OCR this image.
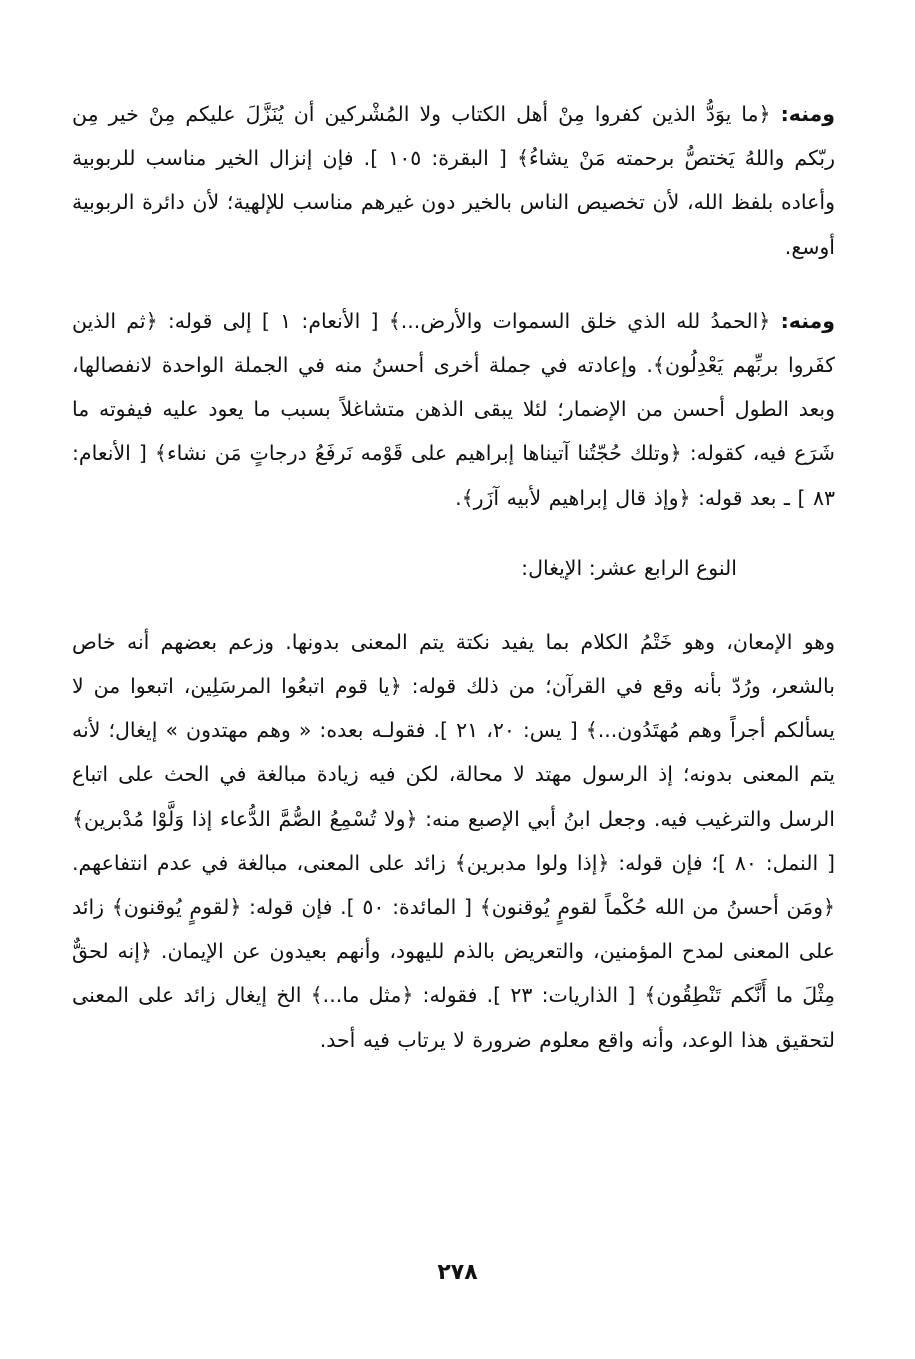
ومنه: ﴿ما يوَدُّ الذين كفروا مِنْ أهل الكتاب ولا المُشْركين أن يُنَزَّلَ عليكم مِنْ خير مِن ربّكم واللهُ يَختصُّ برحمته مَنْ يشاءُ﴾ [ البقرة: ١٠٥ ]. فإن إنزال الخير مناسب للربوبية وأعاده بلفظ الله، لأن تخصيص الناس بالخير دون غيرهم مناسب للإلهية؛ لأن دائرة الربوبية أوسع.

ومنه: ﴿الحمدُ لله الذي خلق السموات والأرض...﴾ [ الأنعام: ١ ] إلى قوله: ﴿ثم الذين كفَروا بربِّهم يَعْدِلُون﴾. وإعادته في جملة أخرى أحسنُ منه في الجملة الواحدة لانفصالها، وبعد الطول أحسن من الإضمار؛ لئلا يبقى الذهن متشاغلاً بسبب ما يعود عليه فيفوته ما شَرَع فيه، كقوله: ﴿وتلك حُجّتُنا آتيناها إبراهيم على قَوْمه نَرفَعُ درجاتٍ مَن نشاء﴾ [ الأنعام: ٨٣ ] ـ بعد قوله: ﴿وإذ قال إبراهيم لأبيه آزَر﴾.

النوع الرابع عشر: الإيغال:

وهو الإمعان، وهو خَتْمُ الكلام بما يفيد نكتة يتم المعنى بدونها. وزعم بعضهم أنه خاص بالشعر، ورُدّ بأنه وقع في القرآن؛ من ذلك قوله: ﴿يا قوم اتبعُوا المرسَلِين، اتبعوا من لا يسألكم أجراً وهم مُهتَدُون...﴾ [ يس: ٢٠، ٢١ ]. فقولـه بعده: « وهم مهتدون » إيغال؛ لأنه يتم المعنى بدونه؛ إذ الرسول مهتد لا محالة، لكن فيه زيادة مبالغة في الحث على اتباع الرسل والترغيب فيه. وجعل ابنُ أبي الإصبع منه: ﴿ولا تُسْمِعُ الصُّمَّ الدُّعاء إذا وَلَّوْا مُدْبرين﴾ [ النمل: ٨٠ ]؛ فإن قوله: ﴿إذا ولوا مدبرين﴾ زائد على المعنى، مبالغة في عدم انتفاعهم. ﴿ومَن أحسنُ من الله حُكْماً لقومٍ يُوقنون﴾ [ المائدة: ٥٠ ]. فإن قوله: ﴿لقومٍ يُوقنون﴾ زائد على المعنى لمدح المؤمنين، والتعريض بالذم لليهود، وأنهم بعيدون عن الإيمان. ﴿إنه لحقٌّ مِثْلَ ما أَنَّكم تَنْطِقُون﴾ [ الذاريات: ٢٣ ]. فقوله: ﴿مثل ما...﴾ الخ إيغال زائد على المعنى لتحقيق هذا الوعد، وأنه واقع معلوم ضرورة لا يرتاب فيه أحد.

٢٧٨
